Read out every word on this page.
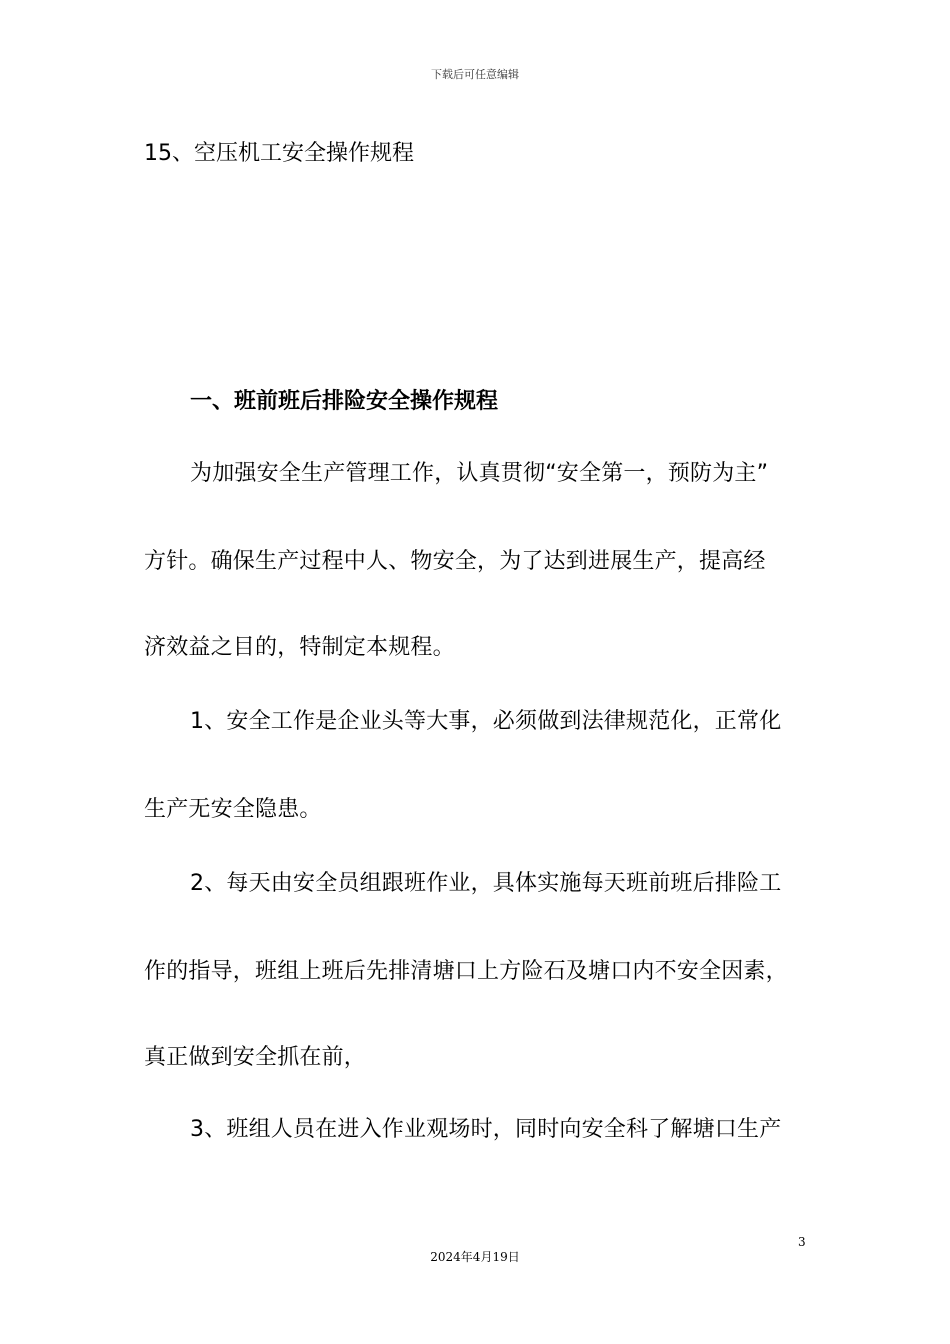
下载后可任意编辑
15、空压机工安全操作规程
一、班前班后排险安全操作规程
为加强安全生产管理工作，认真贯彻“安全第一，预防为主”
方针。确保生产过程中人、物安全，为了达到进展生产，提高经
济效益之目的，特制定本规程。
1、安全工作是企业头等大事，必须做到法律规范化，正常化
生产无安全隐患。
2、每天由安全员组跟班作业，具体实施每天班前班后排险工
作的指导，班组上班后先排清塘口上方险石及塘口内不安全因素，
真正做到安全抓在前，
3、班组人员在进入作业观场时，同时向安全科了解塘口生产
3
2024年4月19日
